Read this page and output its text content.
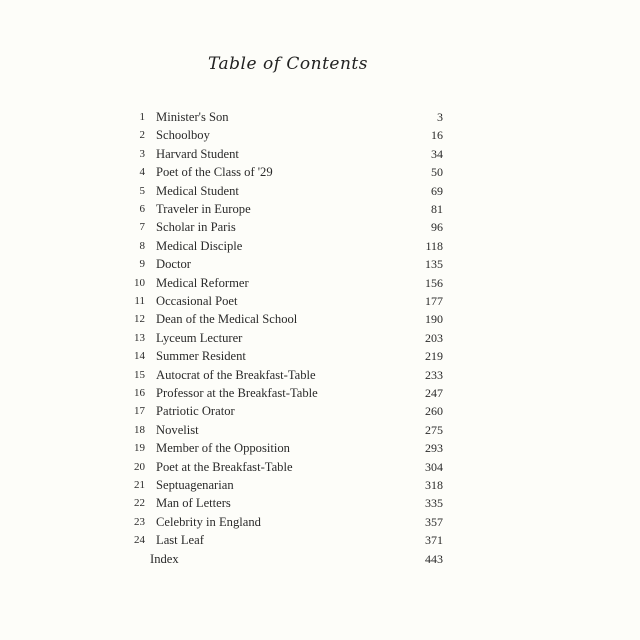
Table of Contents
1 Minister's Son	3
2 Schoolboy	16
3 Harvard Student	34
4 Poet of the Class of '29	50
5 Medical Student	69
6 Traveler in Europe	81
7 Scholar in Paris	96
8 Medical Disciple	118
9 Doctor	135
10 Medical Reformer	156
11 Occasional Poet	177
12 Dean of the Medical School	190
13 Lyceum Lecturer	203
14 Summer Resident	219
15 Autocrat of the Breakfast-Table	233
16 Professor at the Breakfast-Table	247
17 Patriotic Orator	260
18 Novelist	275
19 Member of the Opposition	293
20 Poet at the Breakfast-Table	304
21 Septuagenarian	318
22 Man of Letters	335
23 Celebrity in England	357
24 Last Leaf	371
Index	443
